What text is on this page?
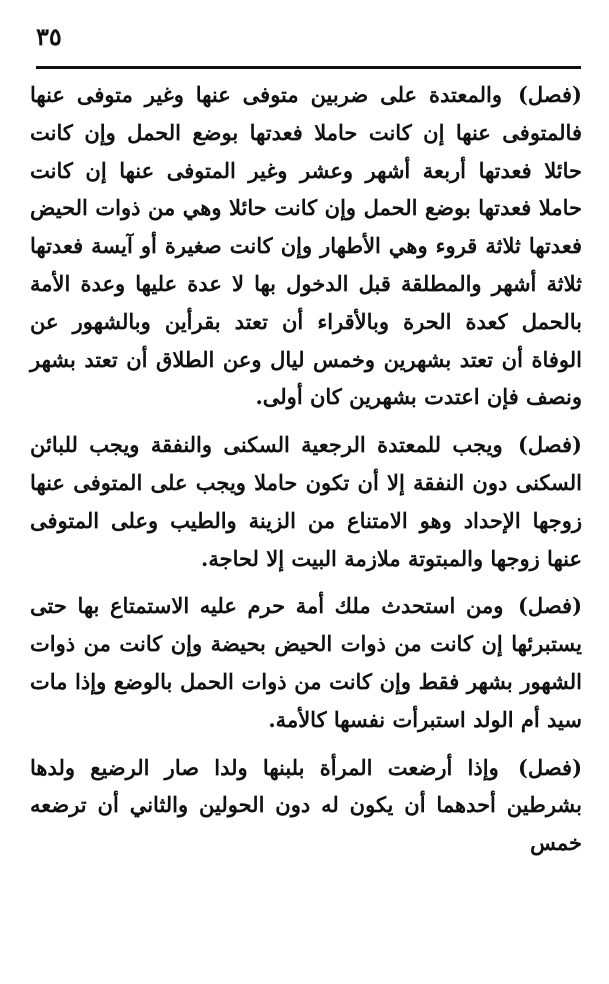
٣٥

(فصل) والمعتدة على ضربين متوفى عنها وغير متوفى عنها فالمتوفى عنها إن كانت حاملا فعدتها بوضع الحمل وإن كانت حائلا فعدتها أربعة أشهر وعشر وغير المتوفى عنها إن كانت حاملا فعدتها بوضع الحمل وإن كانت حائلا وهي من ذوات الحيض فعدتها ثلاثة قروء وهي الأطهار وإن كانت صغيرة أو آيسة فعدتها ثلاثة أشهر والمطلقة قبل الدخول بها لا عدة عليها وعدة الأمة بالحمل كعدة الحرة وبالأقراء أن تعتد بقرأين وبالشهور عن الوفاة أن تعتد بشهرين وخمس ليال وعن الطلاق أن تعتد بشهر ونصف فإن اعتدت بشهرين كان أولى.

(فصل) ويجب للمعتدة الرجعية السكنى والنفقة ويجب للبائن السكنى دون النفقة إلا أن تكون حاملا ويجب على المتوفى عنها زوجها الإحداد وهو الامتناع من الزينة والطيب وعلى المتوفى عنها زوجها والمبتوتة ملازمة البيت إلا لحاجة.

(فصل) ومن استحدث ملك أمة حرم عليه الاستمتاع بها حتى يستبرئها إن كانت من ذوات الحيض بحيضة وإن كانت من ذوات الشهور بشهر فقط وإن كانت من ذوات الحمل بالوضع وإذا مات سيد أم الولد استبرأت نفسها كالأمة.

(فصل) وإذا أرضعت المرأة بلبنها ولدا صار الرضيع ولدها بشرطين أحدهما أن يكون له دون الحولين والثاني أن ترضعه خمس
